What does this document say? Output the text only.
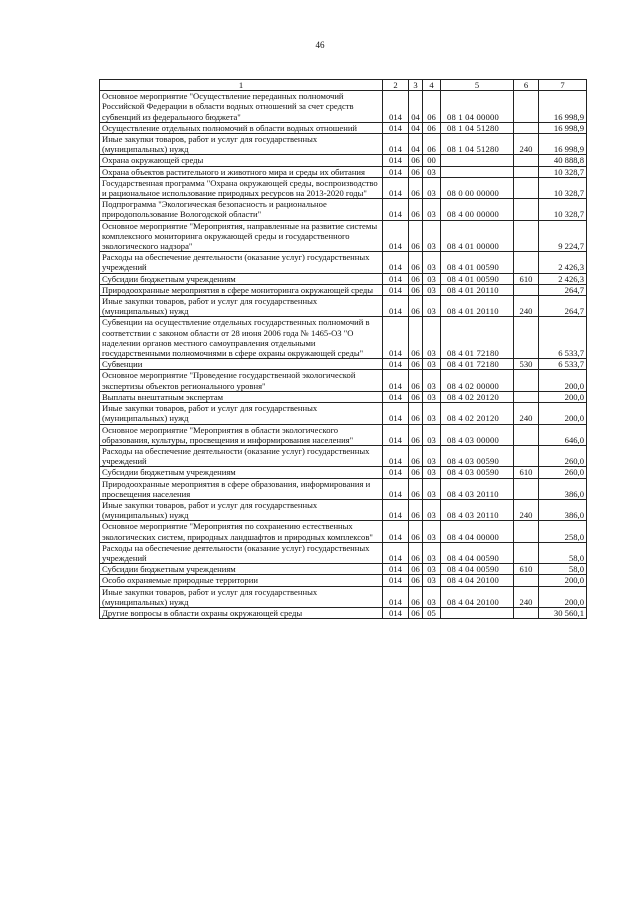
46
1	2	3	4	5	6	7
Основное мероприятие "Осуществление переданных полномочий Российской Федерации в области водных отношений за счет средств субвенций из федерального бюджета"	014	04	06	08 1 04 00000		16 998,9
Осуществление отдельных полномочий в области водных отношений	014	04	06	08 1 04 51280		16 998,9
Иные закупки товаров, работ и услуг для государственных (муниципальных) нужд	014	04	06	08 1 04 51280	240	16 998,9
Охрана окружающей среды	014	06	00			40 888,8
Охрана объектов растительного и животного мира и среды их обитания	014	06	03			10 328,7
Государственная программа "Охрана окружающей среды, воспроизводство и рациональное использование природных ресурсов на 2013-2020 годы"	014	06	03	08 0 00 00000		10 328,7
Подпрограмма "Экологическая безопасность и рациональное природопользование Вологодской области"	014	06	03	08 4 00 00000		10 328,7
Основное мероприятие "Мероприятия, направленные на развитие системы комплексного мониторинга окружающей среды и государственного экологического надзора"	014	06	03	08 4 01 00000		9 224,7
Расходы на обеспечение деятельности (оказание услуг) государственных учреждений	014	06	03	08 4 01 00590		2 426,3
Субсидии бюджетным учреждениям	014	06	03	08 4 01 00590	610	2 426,3
Природоохранные мероприятия в сфере мониторинга окружающей среды	014	06	03	08 4 01 20110		264,7
Иные закупки товаров, работ и услуг для государственных (муниципальных) нужд	014	06	03	08 4 01 20110	240	264,7
Субвенции на осуществление отдельных государственных полномочий в соответствии с законом области от 28 июня 2006 года № 1465-ОЗ "О наделении органов местного самоуправления отдельными государственными полномочиями в сфере охраны окружающей среды"	014	06	03	08 4 01 72180		6 533,7
Субвенции	014	06	03	08 4 01 72180	530	6 533,7
Основное мероприятие "Проведение государственной экологической экспертизы объектов регионального уровня"	014	06	03	08 4 02 00000		200,0
Выплаты внештатным экспертам	014	06	03	08 4 02 20120		200,0
Иные закупки товаров, работ и услуг для государственных (муниципальных) нужд	014	06	03	08 4 02 20120	240	200,0
Основное мероприятие "Мероприятия в области экологического образования, культуры, просвещения и информирования населения"	014	06	03	08 4 03 00000		646,0
Расходы на обеспечение деятельности (оказание услуг) государственных учреждений	014	06	03	08 4 03 00590		260,0
Субсидии бюджетным учреждениям	014	06	03	08 4 03 00590	610	260,0
Природоохранные мероприятия в сфере образования, информирования и просвещения населения	014	06	03	08 4 03 20110		386,0
Иные закупки товаров, работ и услуг для государственных (муниципальных) нужд	014	06	03	08 4 03 20110	240	386,0
Основное мероприятие "Мероприятия по сохранению естественных экологических систем, природных ландшафтов и природных комплексов"	014	06	03	08 4 04 00000		258,0
Расходы на обеспечение деятельности (оказание услуг) государственных учреждений	014	06	03	08 4 04 00590		58,0
Субсидии бюджетным учреждениям	014	06	03	08 4 04 00590	610	58,0
Особо охраняемые природные территории	014	06	03	08 4 04 20100		200,0
Иные закупки товаров, работ и услуг для государственных (муниципальных) нужд	014	06	03	08 4 04 20100	240	200,0
Другие вопросы в области охраны окружающей среды	014	06	05			30 560,1
